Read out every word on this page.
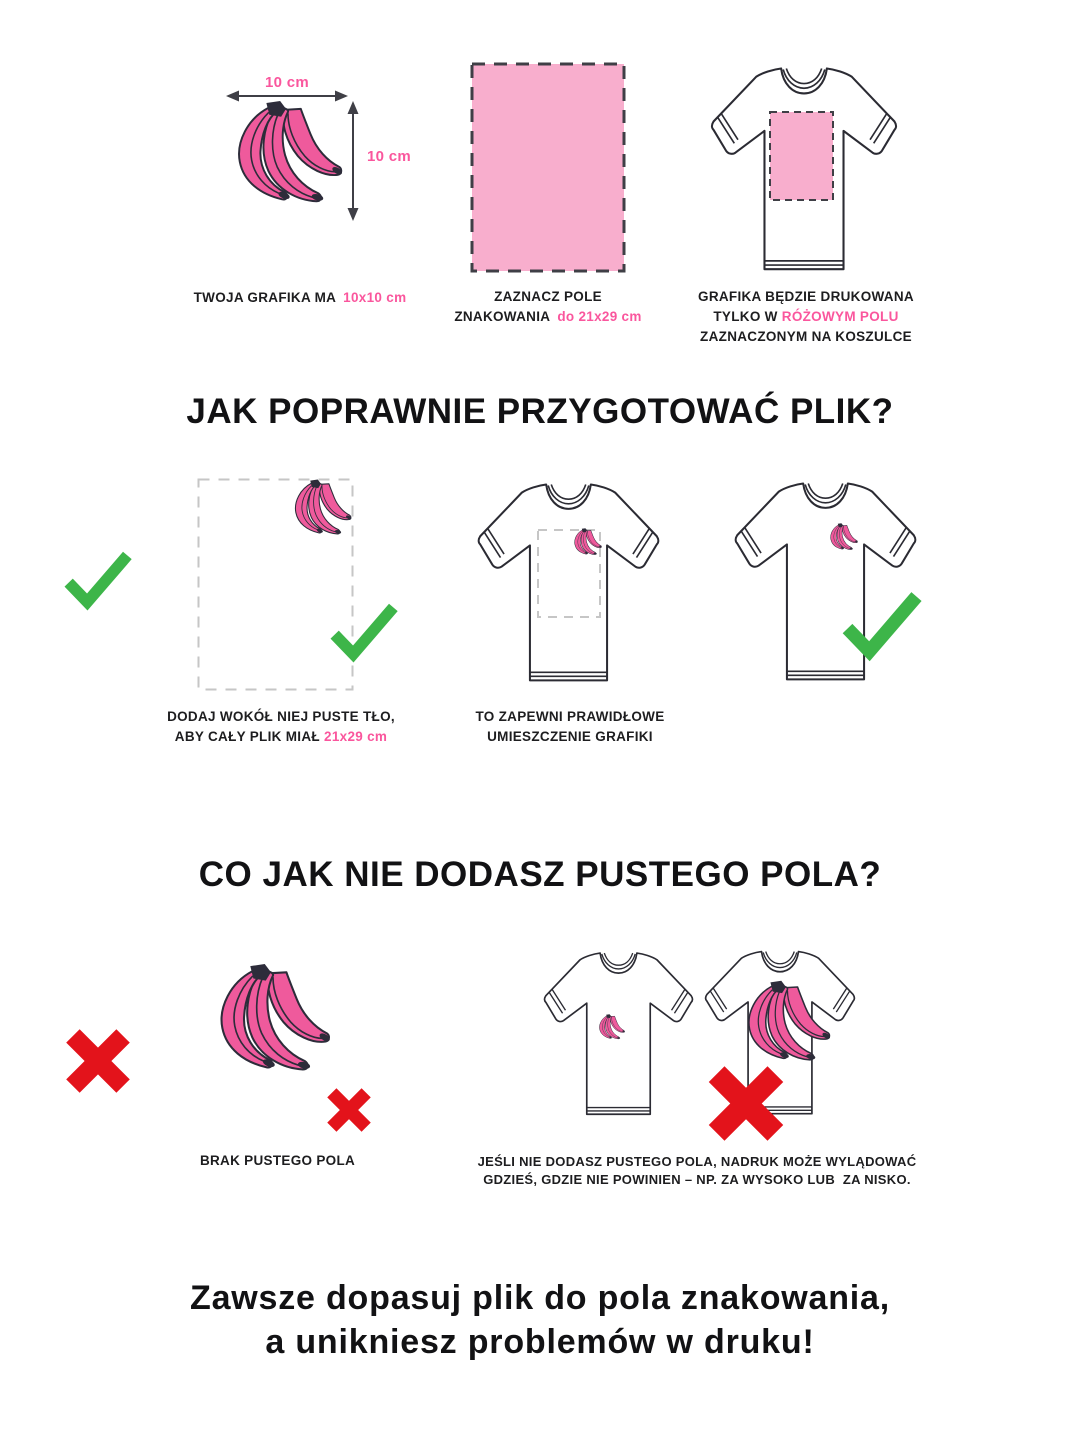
10 cm
10 cm
TWOJA GRAFIKA MA 10x10 cm	ZAZNACZ POLE
ZNAKOWANIA do 21x29 cm
GRAFIKA BĘDZIE DRUKOWANA
TYLKO W RÓŻOWYM POLU
ZAZNACZONYM NA KOSZULCE
JAK POPRAWNIE PRZYGOTOWAĆ PLIK?
DODAJ WOKÓŁ NIEJ PUSTE TŁO,
ABY CAŁY PLIK MIAŁ 21x29 cm
TO ZAPEWNI PRAWIDŁOWE
UMIESZCZENIE GRAFIKI
CO JAK NIE DODASZ PUSTEGO POLA?
BRAK PUSTEGO POLA	JEŚLI NIE DODASZ PUSTEGO POLA, NADRUK MOŻE WYLĄDOWAĆ
GDZIEŚ, GDZIE NIE POWINIEN – NP. ZA WYSOKO LUB  ZA NISKO.
Zawsze dopasuj plik do pola znakowania,
a unikniesz problemów w druku!
